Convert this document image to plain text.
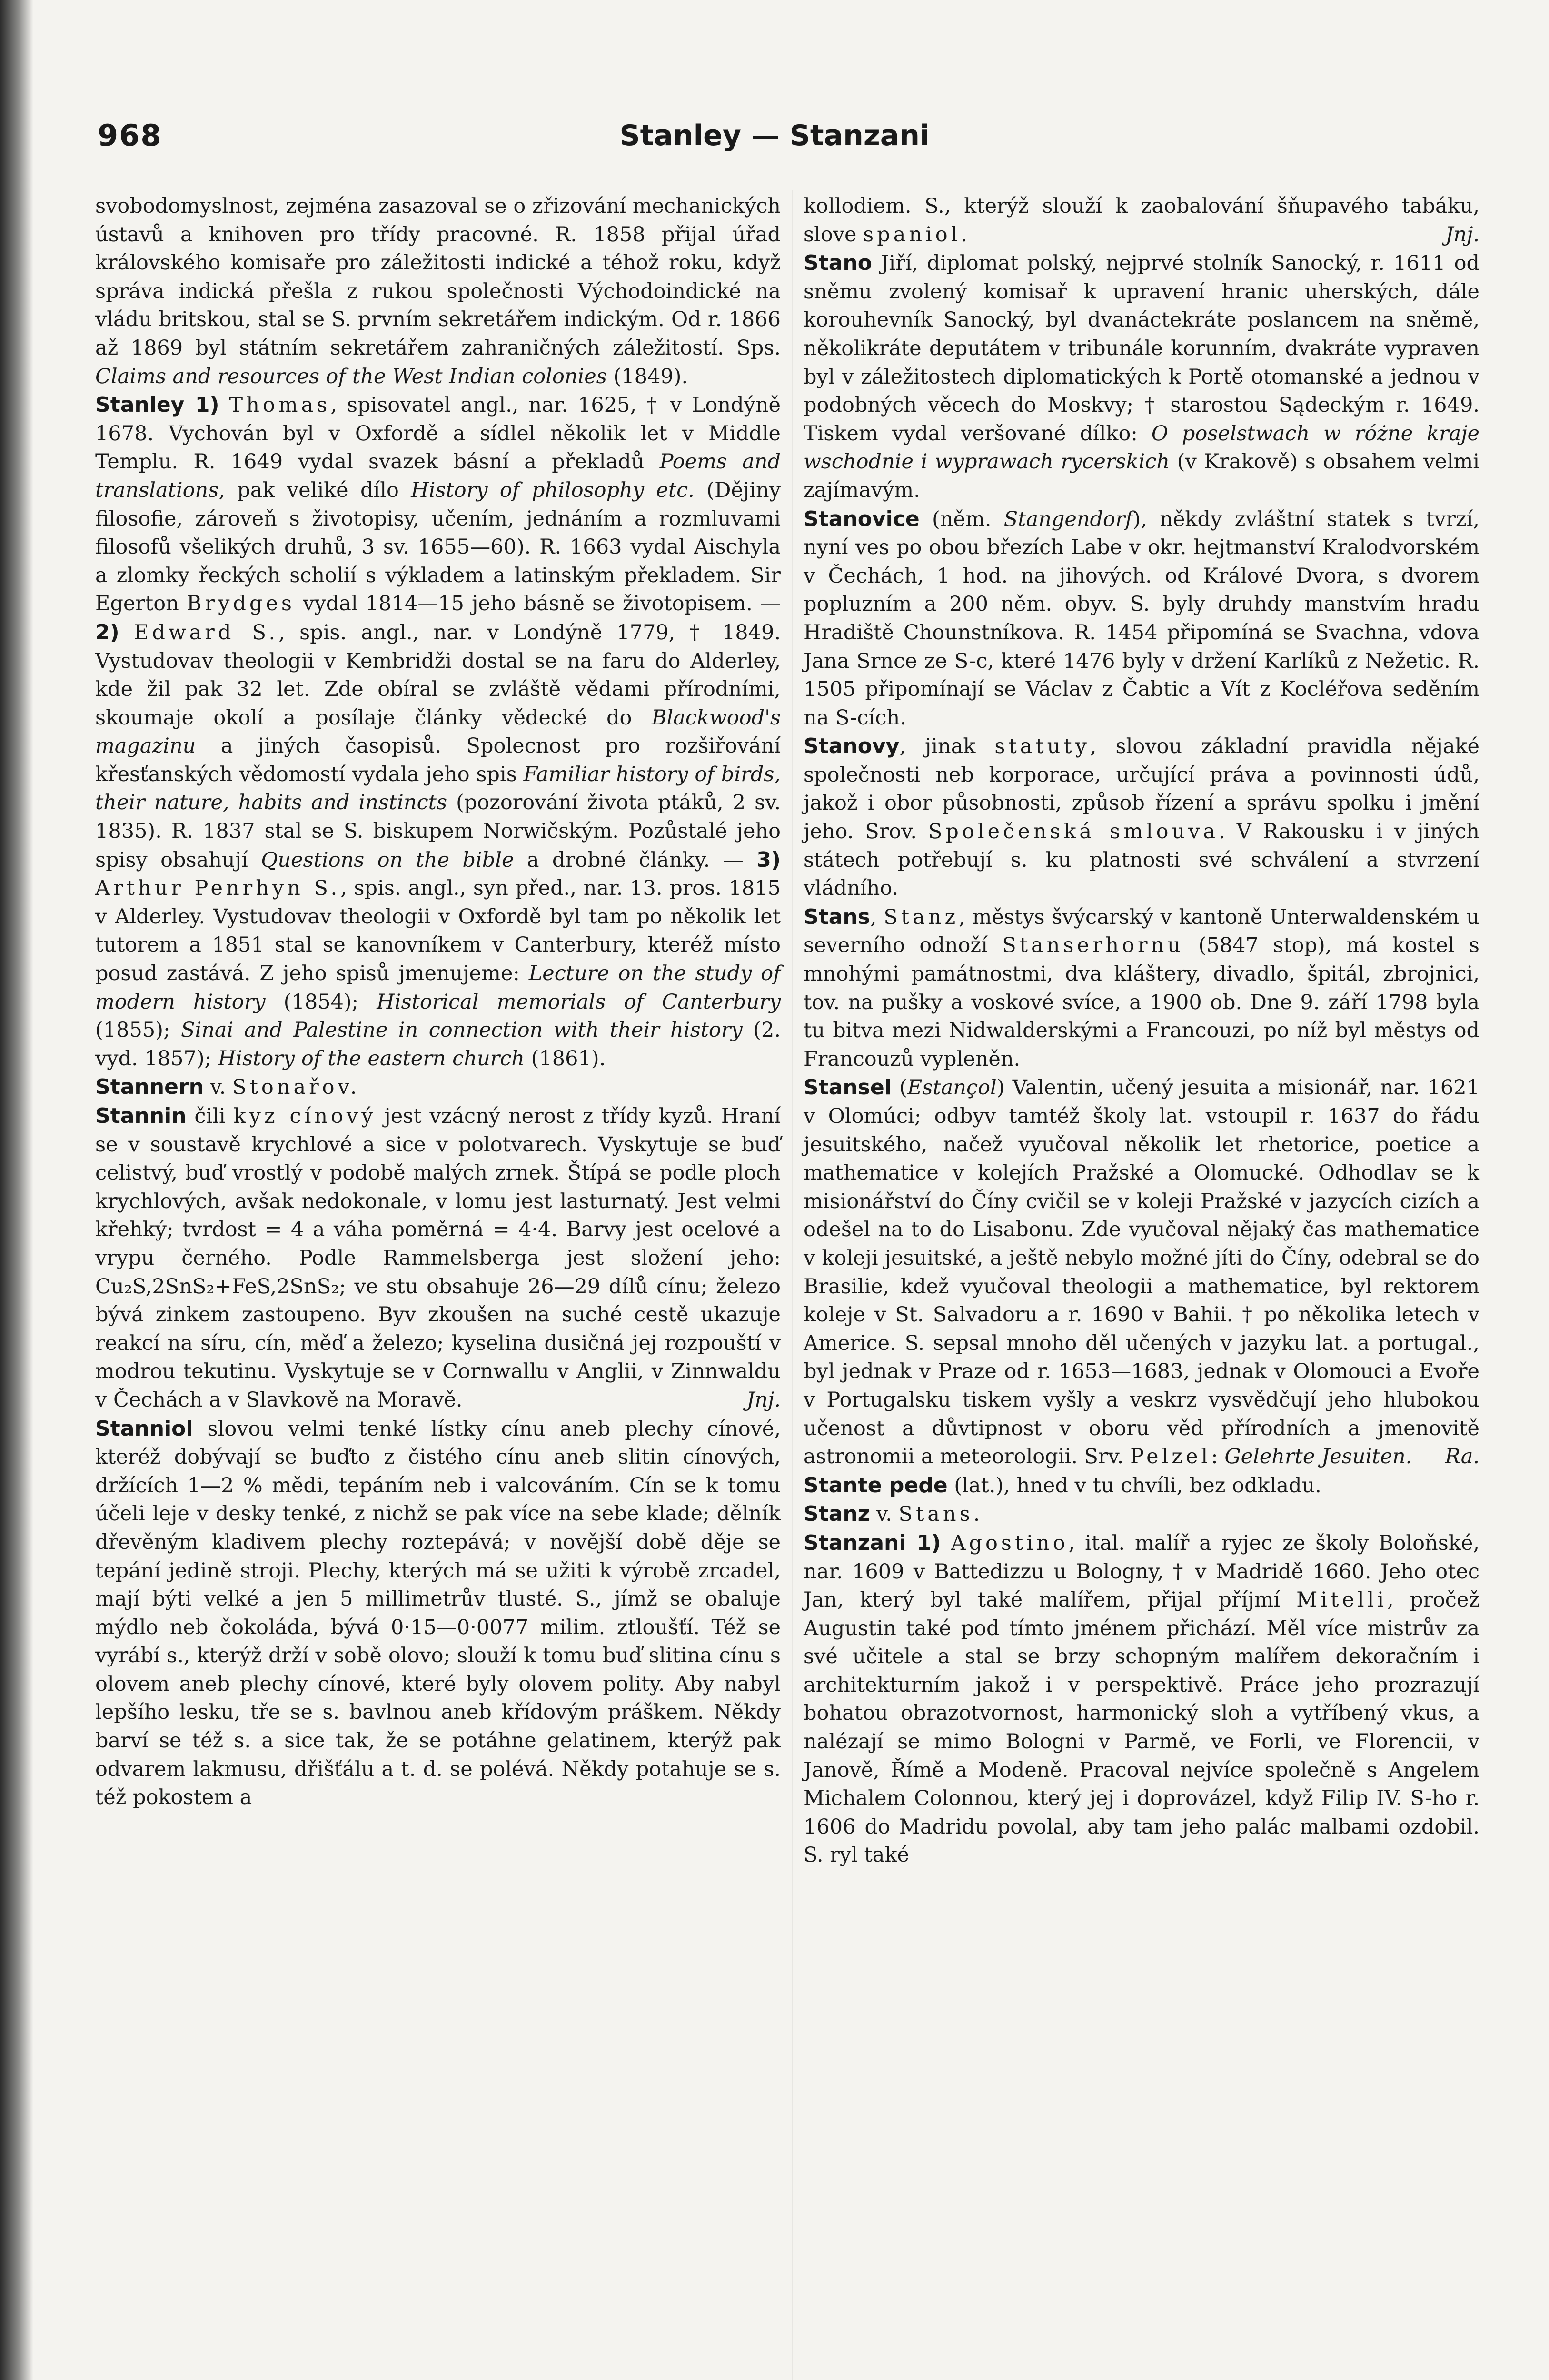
968	Stanley — Stanzani

svobodomyslnost, zejména zasazoval se o zřizování mechanických ústavů a knihoven pro třídy pracovné. R. 1858 přijal úřad královského komisaře pro záležitosti indické a téhož roku, když správa indická přešla z rukou společnosti Východoindické na vládu britskou, stal se S. prvním sekretářem indickým. Od r. 1866 až 1869 byl státním sekretářem zahraničných záležitostí. Sps. Claims and resources of the West Indian colonies (1849).

Stanley 1) Thomas, spisovatel angl., nar. 1625, † v Londýně 1678. Vychován byl v Oxfordě a sídlel několik let v Middle Templu. R. 1649 vydal svazek básní a překladů Poems and translations, pak veliké dílo History of philosophy etc. (Dějiny filosofie, zároveň s životopisy, učením, jednáním a rozmluvami filosofů všelikých druhů, 3 sv. 1655—60). R. 1663 vydal Aischyla a zlomky řeckých scholií s výkladem a latinským překladem. Sir Egerton Brydges vydal 1814—15 jeho básně se životopisem. — 2) Edward S., spis. angl., nar. v Londýně 1779, † 1849. Vystudovav theologii v Kembridži dostal se na faru do Alderley, kde žil pak 32 let. Zde obíral se zvláště vědami přírodními, skoumaje okolí a posílaje články vědecké do Blackwood's magazinu a jiných časopisů. Spolecnost pro rozšiřování křesťanských vědomostí vydala jeho spis Familiar history of birds, their nature, habits and instincts (pozorování života ptáků, 2 sv. 1835). R. 1837 stal se S. biskupem Norwičským. Pozůstalé jeho spisy obsahují Questions on the bible a drobné články. — 3) Arthur Penrhyn S., spis. angl., syn před., nar. 13. pros. 1815 v Alderley. Vystudovav theologii v Oxfordě byl tam po několik let tutorem a 1851 stal se kanovníkem v Canterbury, kteréž místo posud zastává. Z jeho spisů jmenujeme: Lecture on the study of modern history (1854); Historical memorials of Canterbury (1855); Sinai and Palestine in connection with their history (2. vyd. 1857); History of the eastern church (1861).

Stannern v. Stonařov.

Stannin čili kyz cínový jest vzácný nerost z třídy kyzů. Hraní se v soustavě krychlové a sice v polotvarech. Vyskytuje se buď celistvý, buď vrostlý v podobě malých zrnek. Štípá se podle ploch krychlových, avšak nedokonale, v lomu jest lasturnatý. Jest velmi křehký; tvrdost = 4 a váha poměrná = 4·4. Barvy jest ocelové a vrypu černého. Podle Rammelsberga jest složení jeho: Cu₂S,2SnS₂+FeS,2SnS₂; ve stu obsahuje 26—29 dílů cínu; železo bývá zinkem zastoupeno. Byv zkoušen na suché cestě ukazuje reakcí na síru, cín, měď a železo; kyselina dusičná jej rozpouští v modrou tekutinu. Vyskytuje se v Cornwallu v Anglii, v Zinnwaldu v Čechách a v Slavkově na Moravě.	Jnj.

Stanniol slovou velmi tenké lístky cínu aneb plechy cínové, kteréž dobývají se buďto z čistého cínu aneb slitin cínových, držících 1—2 % mědi, tepáním neb i valcováním. Cín se k tomu účeli leje v desky tenké, z nichž se pak více na sebe klade; dělník dřevěným kladivem plechy roztepává; v novější době děje se tepání jedině stroji. Plechy, kterých má se užiti k výrobě zrcadel, mají býti velké a jen 5 millimetrův tlusté. S., jímž se obaluje mýdlo neb čokoláda, bývá 0·15—0·0077 milim. ztloušťí. Též se vyrábí s., kterýž drží v sobě olovo; slouží k tomu buď slitina cínu s olovem aneb plechy cínové, které byly olovem polity. Aby nabyl lepšího lesku, tře se s. bavlnou aneb křídovým práškem. Někdy barví se též s. a sice tak, že se potáhne gelatinem, kterýž pak odvarem lakmusu, dřišťálu a t. d. se polévá. Někdy potahuje se s. též pokostem a

kollodiem. S., kterýž slouží k zaobalování šňupavého tabáku, slove spaniol.	Jnj.

Stano Jiří, diplomat polský, nejprvé stolník Sanocký, r. 1611 od sněmu zvolený komisař k upravení hranic uherských, dále korouhevník Sanocký, byl dvanáctekráte poslancem na sněmě, několikráte deputátem v tribunále korunním, dvakráte vypraven byl v záležitostech diplomatických k Portě otomanské a jednou v podobných věcech do Moskvy; † starostou Sądeckým r. 1649. Tiskem vydal veršované dílko: O poselstwach w różne kraje wschodnie i wyprawach rycerskich (v Krakově) s obsahem velmi zajímavým.

Stanovice (něm. Stangendorf), někdy zvláštní statek s tvrzí, nyní ves po obou březích Labe v okr. hejtmanství Kralodvorském v Čechách, 1 hod. na jihových. od Králové Dvora, s dvorem popluzním a 200 něm. obyv. S. byly druhdy manstvím hradu Hradiště Chounstníkova. R. 1454 připomíná se Svachna, vdova Jana Srnce ze S-c, které 1476 byly v držení Karlíků z Nežetic. R. 1505 připomínají se Václav z Čabtic a Vít z Kocléřova seděním na S-cích.

Stanovy, jinak statuty, slovou základní pravidla nějaké společnosti neb korporace, určující práva a povinnosti údů, jakož i obor působnosti, způsob řízení a správu spolku i jmění jeho. Srov. Společenská smlouva. V Rakousku i v jiných státech potřebují s. ku platnosti své schválení a stvrzení vládního.

Stans, Stanz, městys švýcarský v kantoně Unterwaldenském u severního odnoží Stanserhornu (5847 stop), má kostel s mnohými památnostmi, dva kláštery, divadlo, špitál, zbrojnici, tov. na pušky a voskové svíce, a 1900 ob. Dne 9. září 1798 byla tu bitva mezi Nidwalderskými a Francouzi, po níž byl městys od Francouzů vypleněn.

Stansel (Estançol) Valentin, učený jesuita a misionář, nar. 1621 v Olomúci; odbyv tamtéž školy lat. vstoupil r. 1637 do řádu jesuitského, načež vyučoval několik let rhetorice, poetice a mathematice v kolejích Pražské a Olomucké. Odhodlav se k misionářství do Číny cvičil se v koleji Pražské v jazycích cizích a odešel na to do Lisabonu. Zde vyučoval nějaký čas mathematice v koleji jesuitské, a ještě nebylo možné jíti do Číny, odebral se do Brasilie, kdež vyučoval theologii a mathematice, byl rektorem koleje v St. Salvadoru a r. 1690 v Bahii. † po několika letech v Americe. S. sepsal mnoho děl učených v jazyku lat. a portugal., byl jednak v Praze od r. 1653—1683, jednak v Olomouci a Evoře v Portugalsku tiskem vyšly a veskrz vysvědčují jeho hlubokou učenost a důvtipnost v oboru věd přírodních a jmenovitě astronomii a meteorologii. Srv. Pelzel: Gelehrte Jesuiten. Ra.

Stante pede (lat.), hned v tu chvíli, bez odkladu.

Stanz v. Stans.

Stanzani 1) Agostino, ital. malíř a ryjec ze školy Boloňské, nar. 1609 v Battedizzu u Bologny, † v Madridě 1660. Jeho otec Jan, který byl také malířem, přijal příjmí Mitelli, pročež Augustin také pod tímto jménem přichází. Měl více mistrův za své učitele a stal se brzy schopným malířem dekoračním i architekturním jakož i v perspektivě. Práce jeho prozrazují bohatou obrazotvornost, harmonický sloh a vytříbený vkus, a nalézají se mimo Bologni v Parmě, ve Forli, ve Florencii, v Janově, Římě a Modeně. Pracoval nejvíce společně s Angelem Michalem Colonnou, který jej i doprovázel, když Filip IV. S-ho r. 1606 do Madridu povolal, aby tam jeho palác malbami ozdobil. S. ryl také
